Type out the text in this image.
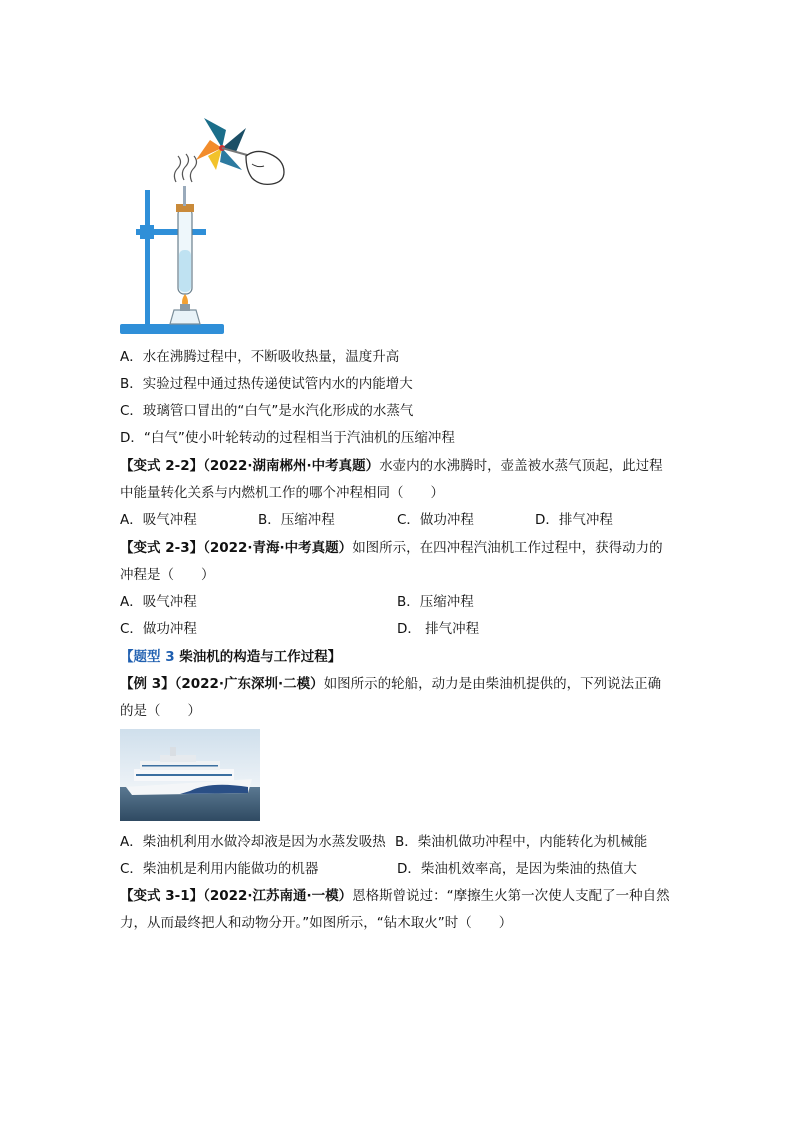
A．水在沸腾过程中，不断吸收热量，温度升高
B．实验过程中通过热传递使试管内水的内能增大
C．玻璃管口冒出的“白气”是水汽化形成的水蒸气
D．“白气”使小叶轮转动的过程相当于汽油机的压缩冲程
【变式 2-2】（2022·湖南郴州·中考真题）水壶内的水沸腾时，壶盖被水蒸气顶起，此过程
中能量转化关系与内燃机工作的哪个冲程相同（　　）
A．吸气冲程	B．压缩冲程	C．做功冲程	D．排气冲程
【变式 2-3】（2022·青海·中考真题）如图所示，在四冲程汽油机工作过程中，获得动力的
冲程是（　　）
A．吸气冲程	B．压缩冲程
C．做功冲程	D． 排气冲程
【题型 3 柴油机的构造与工作过程】
【例 3】（2022·广东深圳·二模）如图所示的轮船，动力是由柴油机提供的，下列说法正确
的是（　　）
A．柴油机利用水做冷却液是因为水蒸发吸热 B．柴油机做功冲程中，内能转化为机械能
C．柴油机是利用内能做功的机器	D．柴油机效率高，是因为柴油的热值大
【变式 3-1】（2022·江苏南通·一模）恩格斯曾说过：“摩擦生火第一次使人支配了一种自然
力，从而最终把人和动物分开。”如图所示，“钻木取火”时（　　）
